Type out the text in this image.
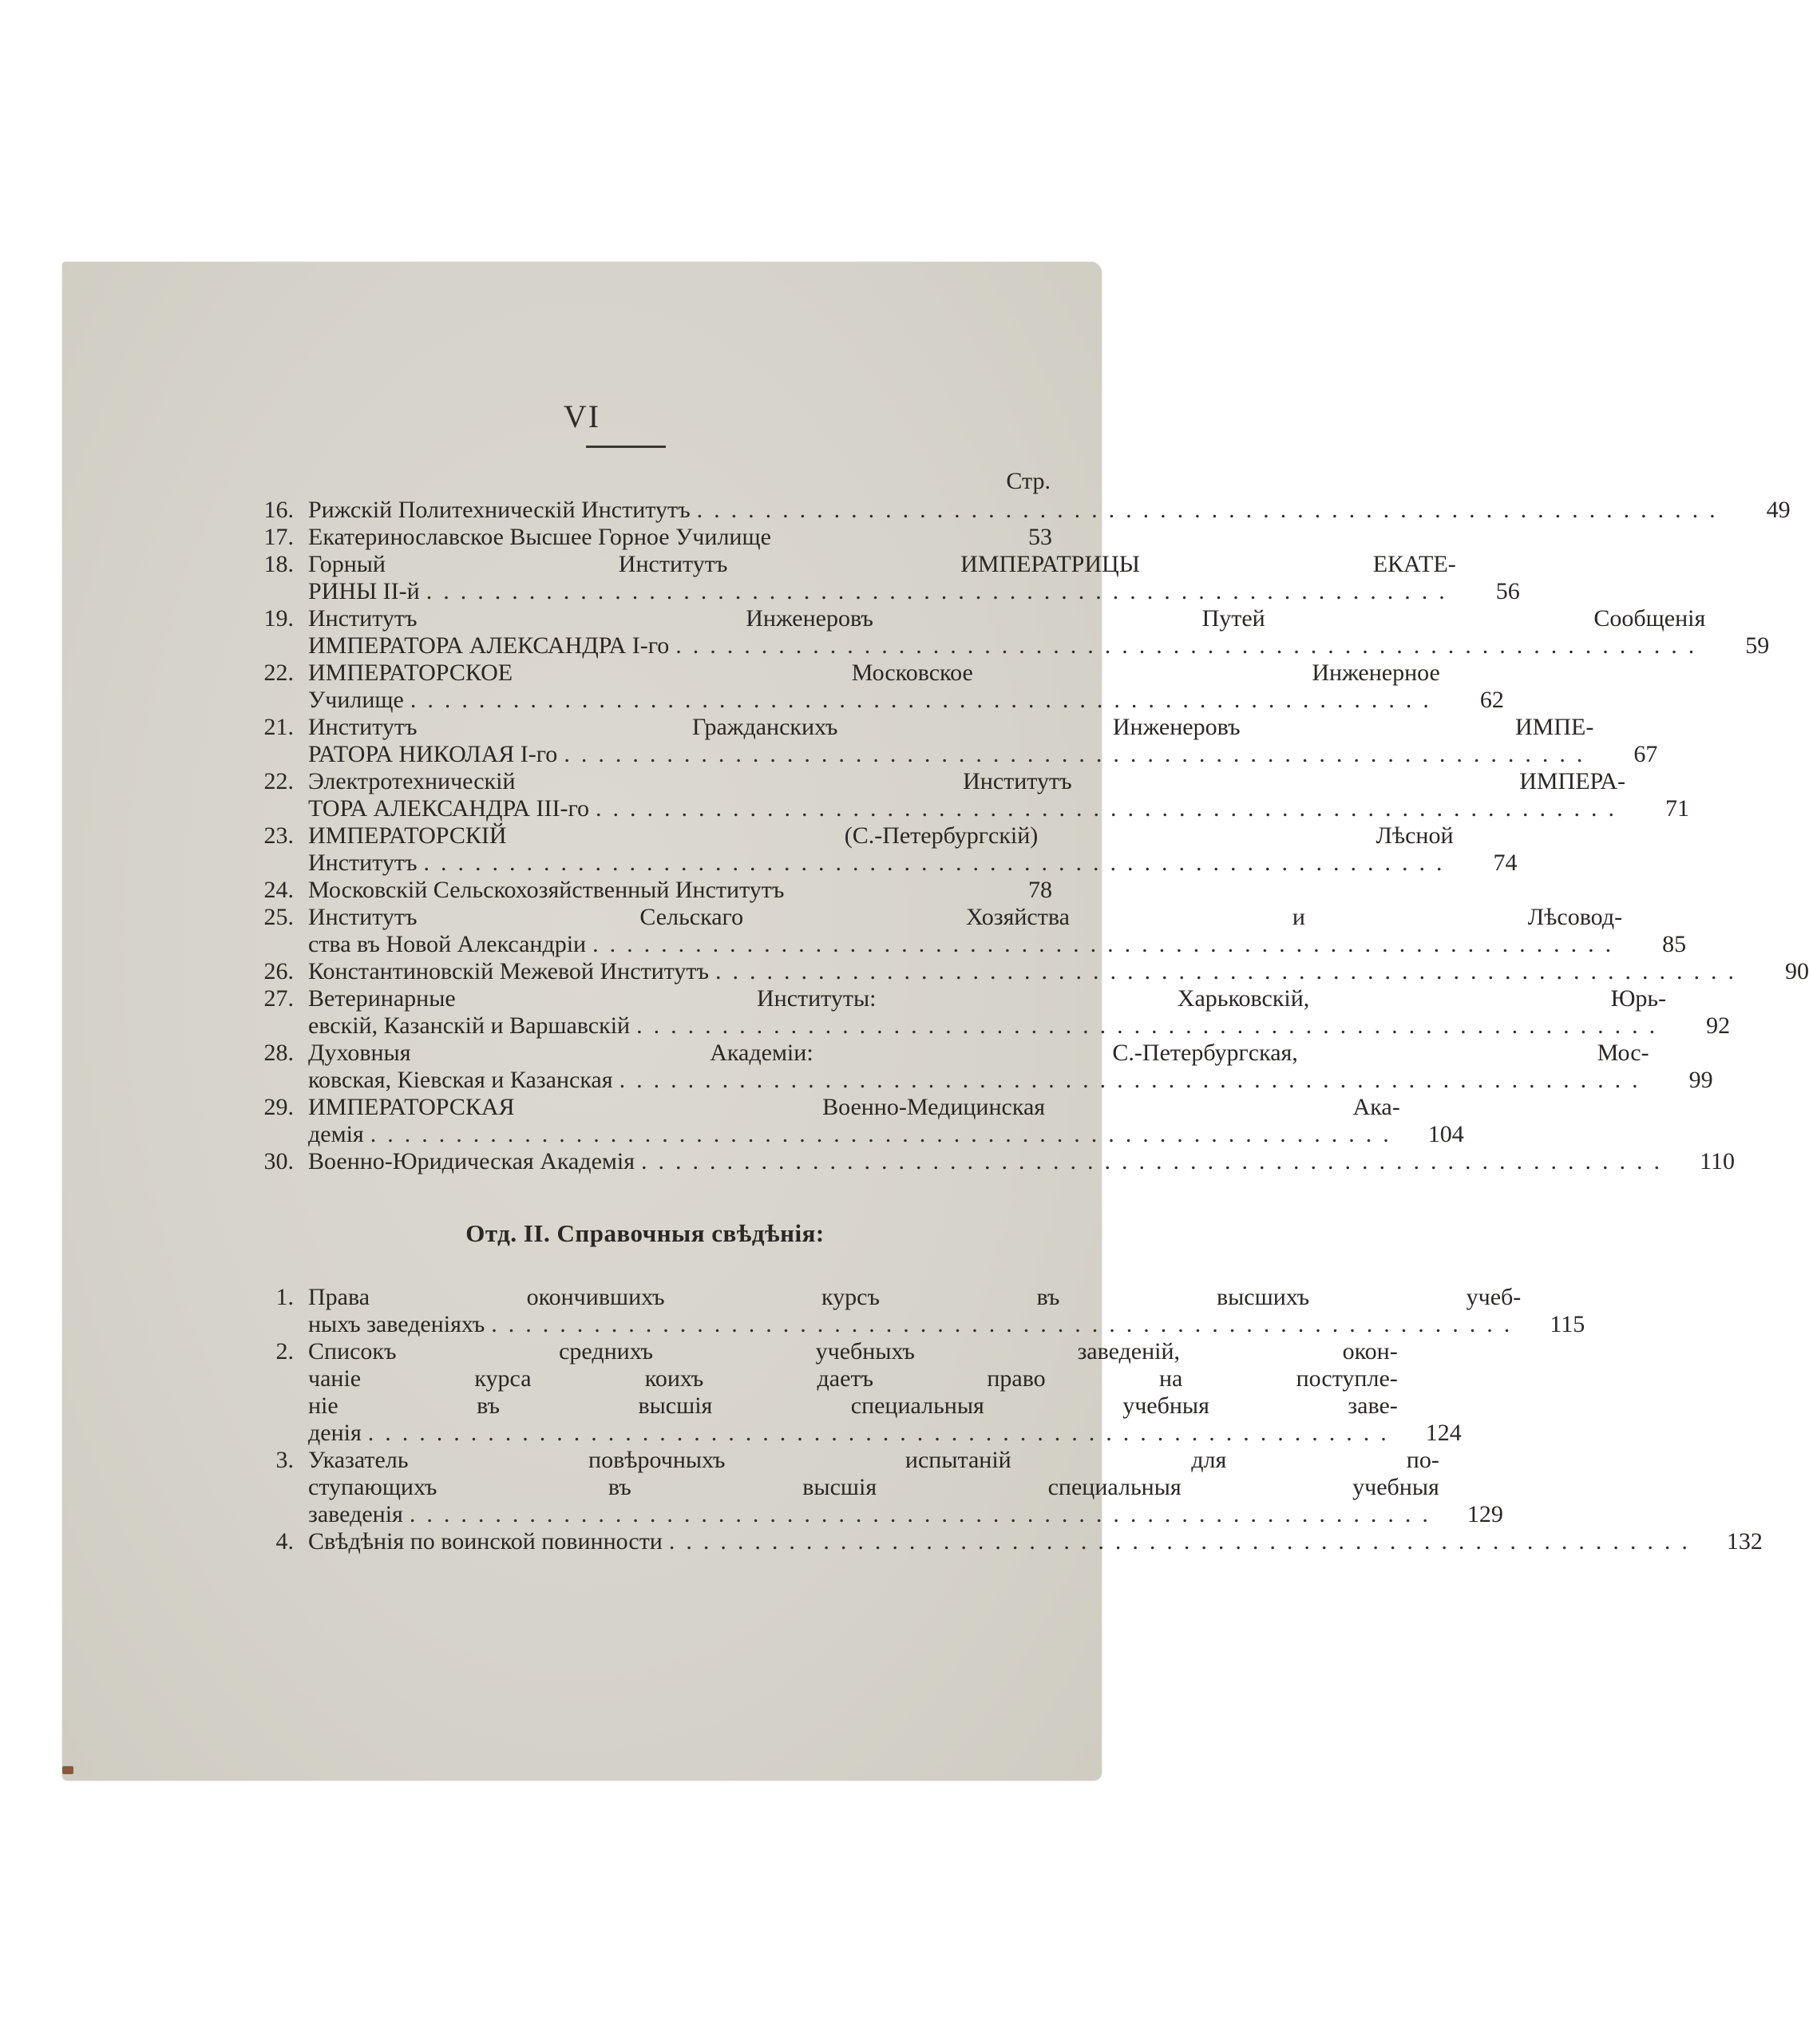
VI
Стр.
16. Рижскій Политехническій Институтъ ............................................................	49
17. Екатеринославское Высшее Горное Училище	53
18. Горный	Институтъ	ИМПЕРАТРИЦЫ	ЕКАТЕ-
РИНЫ II-й ............................................................	56
19. Институтъ	Инженеровъ	Путей	Сообщенія
ИМПЕРАТОРА АЛЕКСАНДРА I-го ............................................................	59
22. ИМПЕРАТОРСКОЕ	Московское	Инженерное
Училище ............................................................	62
21. Институтъ	Гражданскихъ	Инженеровъ	ИМПЕ-
РАТОРА НИКОЛАЯ I-го ............................................................	67
22. Электротехническій	Институтъ	ИМПЕРА-
ТОРА АЛЕКСАНДРА III-го ............................................................	71
23. ИМПЕРАТОРСКІЙ	(С.-Петербургскій)	Лѣсной
Институтъ ............................................................	74
24. Московскій Сельскохозяйственный Институтъ	78
25. Институтъ	Сельскаго	Хозяйства	и	Лѣсовод-
ства въ Новой Александріи ............................................................	85
26. Константиновскій Межевой Институтъ ............................................................	90
27. Ветеринарные	Институты:	Харьковскій,	Юрь-
евскій, Казанскій и Варшавскій ............................................................	92
28. Духовныя	Академіи:	С.-Петербургская,	Мос-
ковская, Кіевская и Казанская ............................................................	99
29. ИМПЕРАТОРСКАЯ	Военно-Медицинская	Ака-
демія ............................................................	104
30. Военно-Юридическая Академія ............................................................	110
Отд. II. Справочныя свѣдѣнія:
1. Права	окончившихъ	курсъ	въ	высшихъ	учеб-
ныхъ заведеніяхъ ............................................................	115
2. Списокъ	среднихъ	учебныхъ	заведеній,	окон-
чаніе	курса	коихъ	даетъ	право	на	поступле-
ніе	въ	высшія	специальныя	учебныя	заве-
денія ............................................................	124
3. Указатель	повѣрочныхъ	испытаній	для	по-
ступающихъ	въ	высшія	специальныя	учебныя
заведенія ............................................................	129
4. Свѣдѣнія по воинской повинности ............................................................	132
